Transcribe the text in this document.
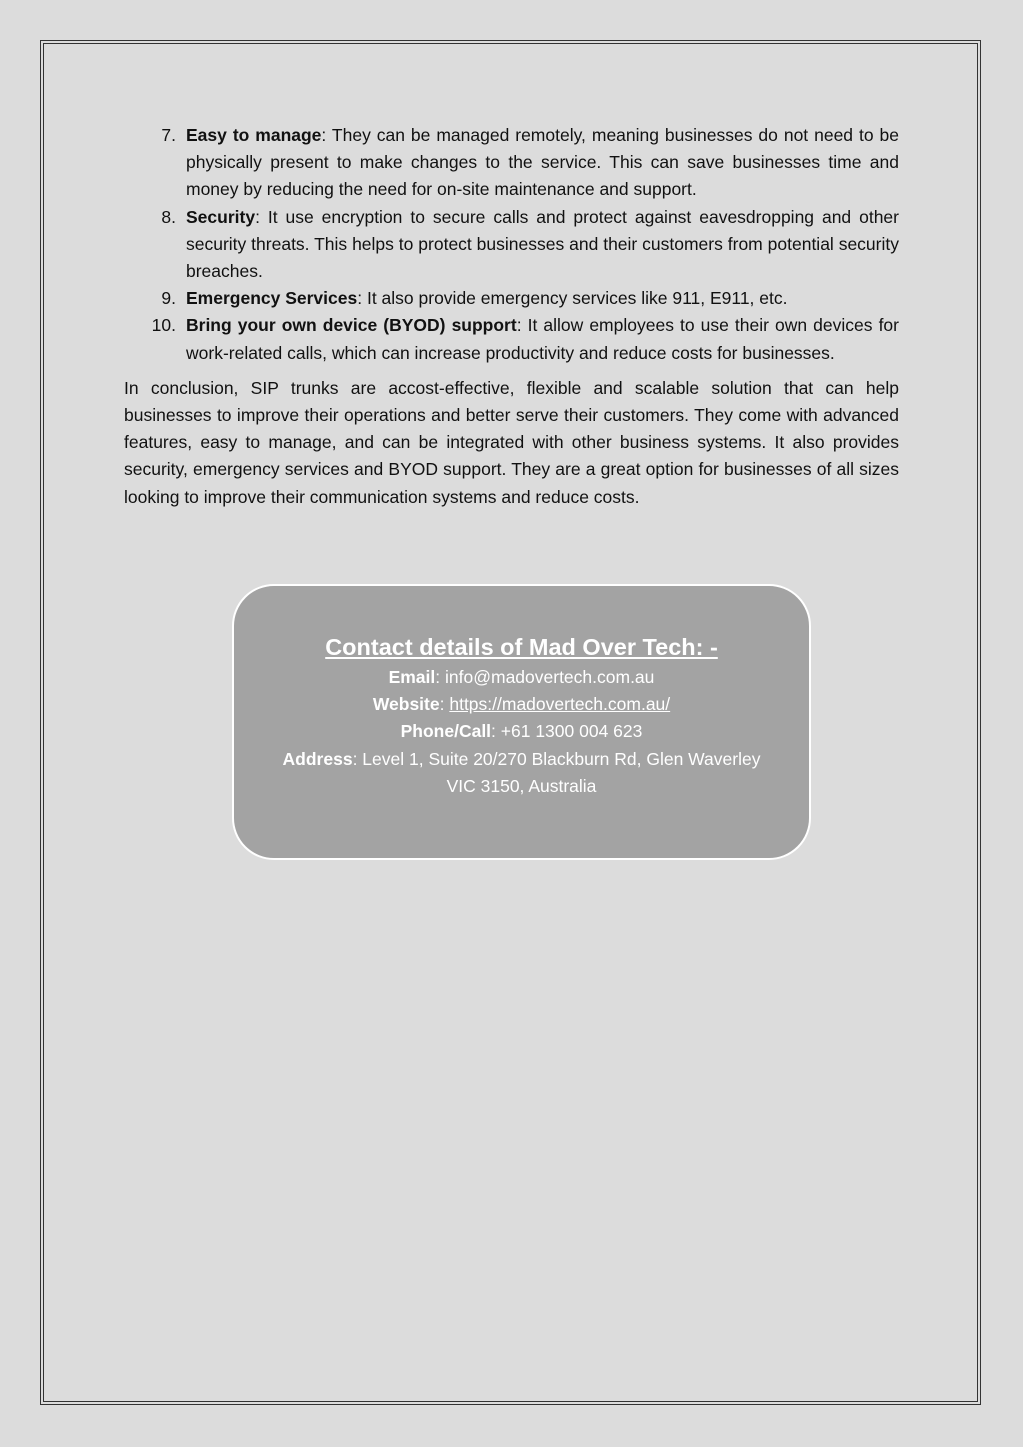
7. Easy to manage: They can be managed remotely, meaning businesses do not need to be physically present to make changes to the service. This can save businesses time and money by reducing the need for on-site maintenance and support.
8. Security: It use encryption to secure calls and protect against eavesdropping and other security threats. This helps to protect businesses and their customers from potential security breaches.
9. Emergency Services: It also provide emergency services like 911, E911, etc.
10. Bring your own device (BYOD) support: It allow employees to use their own devices for work-related calls, which can increase productivity and reduce costs for businesses.

In conclusion, SIP trunks are accost-effective, flexible and scalable solution that can help businesses to improve their operations and better serve their customers. They come with advanced features, easy to manage, and can be integrated with other business systems. It also provides security, emergency services and BYOD support. They are a great option for businesses of all sizes looking to improve their communication systems and reduce costs.

Contact details of Mad Over Tech: -
Email: info@madovertech.com.au
Website: https://madovertech.com.au/
Phone/Call: +61 1300 004 623
Address: Level 1, Suite 20/270 Blackburn Rd, Glen Waverley
VIC 3150, Australia
